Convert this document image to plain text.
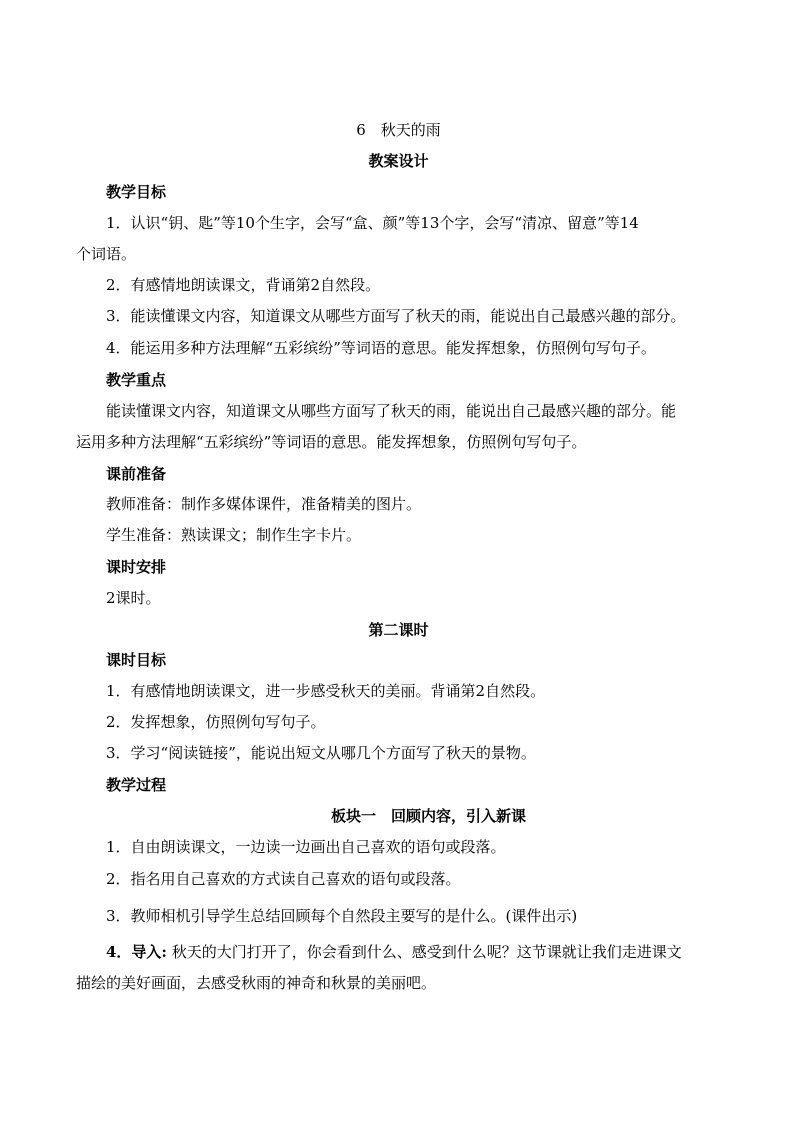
6　秋天的雨
教案设计
教学目标
1．认识“钥、匙”等10个生字，会写“盒、颜”等13个字，会写“清凉、留意”等14
个词语。
2．有感情地朗读课文，背诵第2自然段。
3．能读懂课文内容，知道课文从哪些方面写了秋天的雨，能说出自己最感兴趣的部分。
4．能运用多种方法理解“五彩缤纷”等词语的意思。能发挥想象，仿照例句写句子。
教学重点
能读懂课文内容，知道课文从哪些方面写了秋天的雨，能说出自己最感兴趣的部分。能
运用多种方法理解“五彩缤纷”等词语的意思。能发挥想象，仿照例句写句子。
课前准备
教师准备：制作多媒体课件，准备精美的图片。
学生准备：熟读课文；制作生字卡片。
课时安排
2课时。
第二课时
课时目标
1．有感情地朗读课文，进一步感受秋天的美丽。背诵第2自然段。
2．发挥想象，仿照例句写句子。
3．学习“阅读链接”，能说出短文从哪几个方面写了秋天的景物。
教学过程
板块一　回顾内容，引入新课
1．自由朗读课文，一边读一边画出自己喜欢的语句或段落。
2．指名用自己喜欢的方式读自己喜欢的语句或段落。
3．教师相机引导学生总结回顾每个自然段主要写的是什么。(课件出示)
4．导入: 秋天的大门打开了，你会看到什么、感受到什么呢？这节课就让我们走进课文
描绘的美好画面，去感受秋雨的神奇和秋景的美丽吧。
